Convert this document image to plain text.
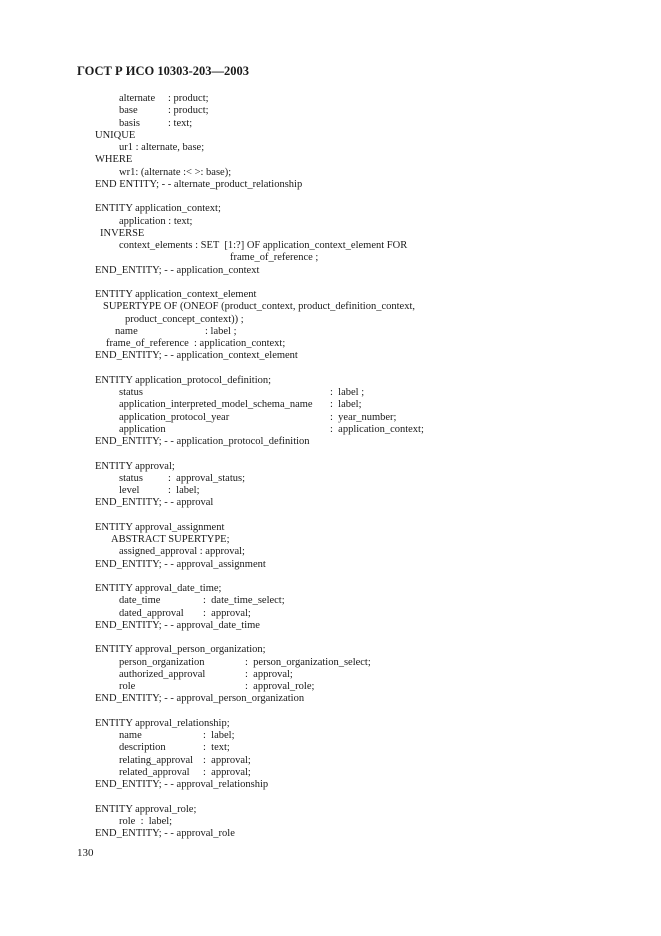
ГОСТ Р ИСО 10303-203—2003
alternate : product;
base	: product;
basis	: text;
UNIQUE
ur1 : alternate, base;
WHERE
wr1: (alternate :< >: base);
END ENTITY; - - alternate_product_relationship
ENTITY application_context;
application : text;
INVERSE
context_elements : SET  [1:?] OF application_context_element FOR
frame_of_reference ;
END_ENTITY; - - application_context
ENTITY application_context_element
SUPERTYPE OF (ONEOF (product_context, product_definition_context,
product_concept_context)) ;
name	: label ;
frame_of_reference : application_context;
END_ENTITY; - - application_context_element
ENTITY application_protocol_definition;
status	:  label ;
application_interpreted_model_schema_name :  label;
application_protocol_year	:  year_number;
application	:  application_context;
END_ENTITY; - - application_protocol_definition
ENTITY approval;
status :  approval_status;
level	:  label;
END_ENTITY; - - approval
ENTITY approval_assignment
ABSTRACT SUPERTYPE;
assigned_approval : approval;
END_ENTITY; - - approval_assignment
ENTITY approval_date_time;
date_time	:  date_time_select;
dated_approval :  approval;
END_ENTITY; - - approval_date_time
ENTITY approval_person_organization;
person_organization	:  person_organization_select;
authorized_approval	:  approval;
role	:  approval_role;
END_ENTITY; - - approval_person_organization
ENTITY approval_relationship;
name	:  label;
description	:  text;
relating_approval :  approval;
related_approval :  approval;
END_ENTITY; - - approval_relationship
ENTITY approval_role;
role  :  label;
END_ENTITY; - - approval_role
130
